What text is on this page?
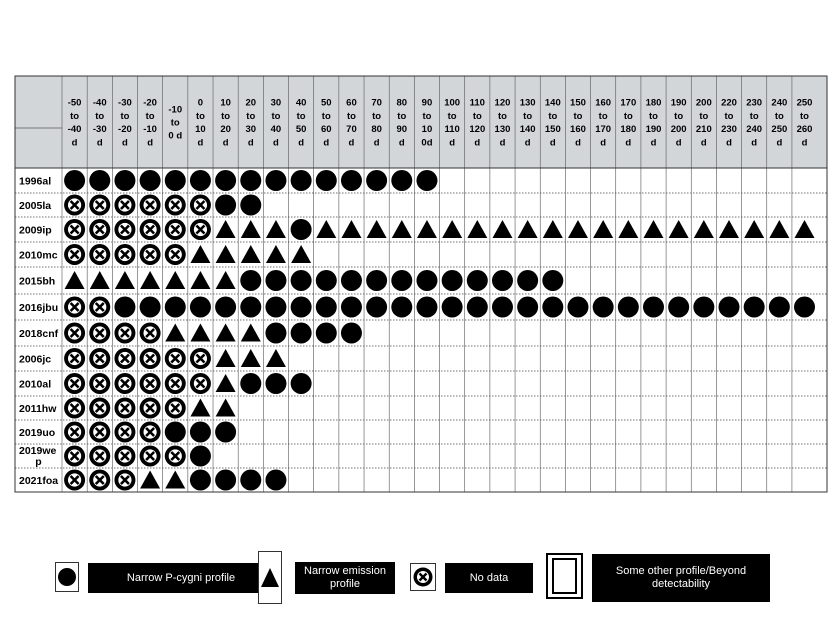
-50
to
-40
d
-40
to
-30
d
-30
to
-20
d
-20
to
-10
d
-10
to
0 d
0
to
10
d
10
to
20
d
20
to
30
d
30
to
40
d
40
to
50
d
50
to
60
d
60
to
70
d
70
to
80
d
80
to
90
d
90
to
10
0d
100
to
110
d
110
to
120
d
120
to
130
d
130
to
140
d
140
to
150
d
150
to
160
d
160
to
170
d
170
to
180
d
180
to
190
d
190
to
200
d
200
to
210
d
220
to
230
d
230
to
240
d
240
to
250
d
250
to
260
d
1996al
2005la
2009ip
2010mc
2015bh
2016jbu
2018cnf
2006jc
2010al
2011hw
2019uo
2019we
p
2021foa
Narrow P-cygni profile
Narrow emission
profile
No data
Some other profile/Beyond
detectability
